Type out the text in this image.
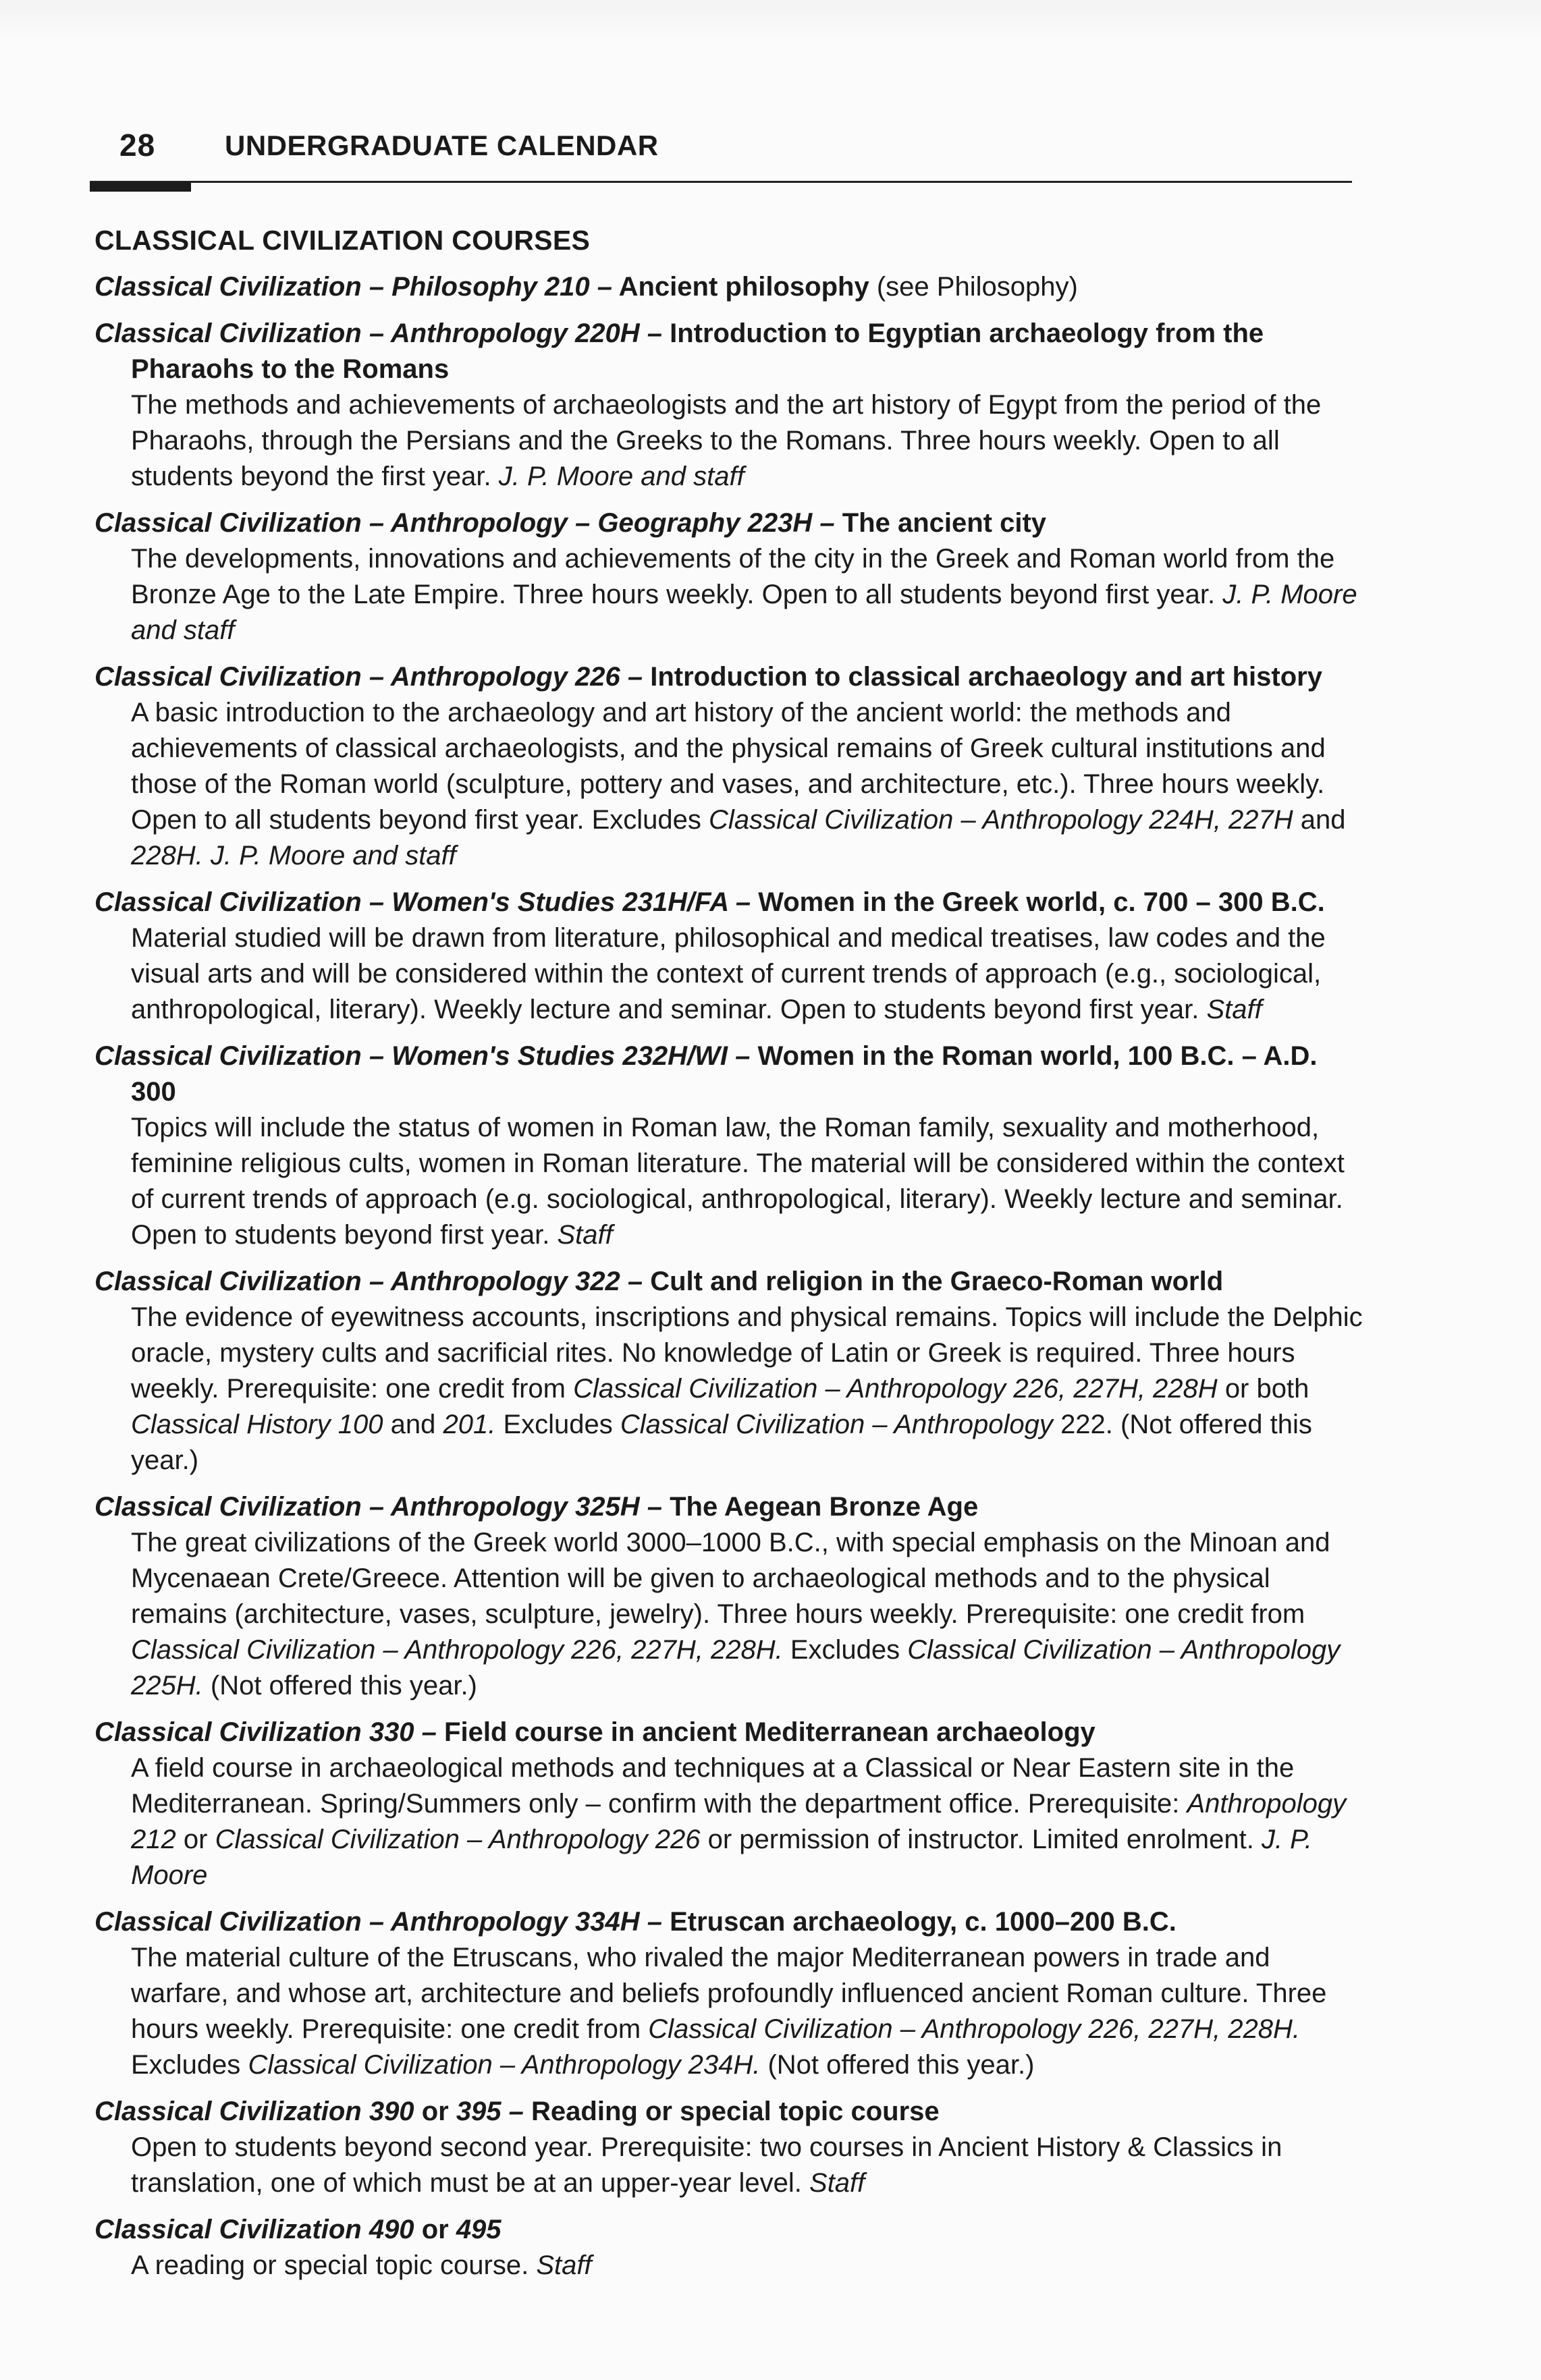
28 UNDERGRADUATE CALENDAR
CLASSICAL CIVILIZATION COURSES
Classical Civilization – Philosophy 210 – Ancient philosophy (see Philosophy)
Classical Civilization – Anthropology 220H – Introduction to Egyptian archaeology from the Pharaohs to the Romans
The methods and achievements of archaeologists and the art history of Egypt from the period of the Pharaohs, through the Persians and the Greeks to the Romans. Three hours weekly. Open to all students beyond the first year. J. P. Moore and staff
Classical Civilization – Anthropology – Geography 223H – The ancient city
The developments, innovations and achievements of the city in the Greek and Roman world from the Bronze Age to the Late Empire. Three hours weekly. Open to all students beyond first year. J. P. Moore and staff
Classical Civilization – Anthropology 226 – Introduction to classical archaeology and art history
A basic introduction to the archaeology and art history of the ancient world: the methods and achievements of classical archaeologists, and the physical remains of Greek cultural institutions and those of the Roman world (sculpture, pottery and vases, and architecture, etc.). Three hours weekly. Open to all students beyond first year. Excludes Classical Civilization – Anthropology 224H, 227H and 228H. J. P. Moore and staff
Classical Civilization – Women's Studies 231H/FA – Women in the Greek world, c. 700 – 300 B.C.
Material studied will be drawn from literature, philosophical and medical treatises, law codes and the visual arts and will be considered within the context of current trends of approach (e.g., sociological, anthropological, literary). Weekly lecture and seminar. Open to students beyond first year. Staff
Classical Civilization – Women's Studies 232H/WI – Women in the Roman world, 100 B.C. – A.D. 300
Topics will include the status of women in Roman law, the Roman family, sexuality and motherhood, feminine religious cults, women in Roman literature. The material will be considered within the context of current trends of approach (e.g. sociological, anthropological, literary). Weekly lecture and seminar. Open to students beyond first year. Staff
Classical Civilization – Anthropology 322 – Cult and religion in the Graeco-Roman world
The evidence of eyewitness accounts, inscriptions and physical remains. Topics will include the Delphic oracle, mystery cults and sacrificial rites. No knowledge of Latin or Greek is required. Three hours weekly. Prerequisite: one credit from Classical Civilization – Anthropology 226, 227H, 228H or both Classical History 100 and 201. Excludes Classical Civilization – Anthropology 222. (Not offered this year.)
Classical Civilization – Anthropology 325H – The Aegean Bronze Age
The great civilizations of the Greek world 3000–1000 B.C., with special emphasis on the Minoan and Mycenaean Crete/Greece. Attention will be given to archaeological methods and to the physical remains (architecture, vases, sculpture, jewelry). Three hours weekly. Prerequisite: one credit from Classical Civilization – Anthropology 226, 227H, 228H. Excludes Classical Civilization – Anthropology 225H. (Not offered this year.)
Classical Civilization 330 – Field course in ancient Mediterranean archaeology
A field course in archaeological methods and techniques at a Classical or Near Eastern site in the Mediterranean. Spring/Summers only – confirm with the department office. Prerequisite: Anthropology 212 or Classical Civilization – Anthropology 226 or permission of instructor. Limited enrolment. J. P. Moore
Classical Civilization – Anthropology 334H – Etruscan archaeology, c. 1000–200 B.C.
The material culture of the Etruscans, who rivaled the major Mediterranean powers in trade and warfare, and whose art, architecture and beliefs profoundly influenced ancient Roman culture. Three hours weekly. Prerequisite: one credit from Classical Civilization – Anthropology 226, 227H, 228H. Excludes Classical Civilization – Anthropology 234H. (Not offered this year.)
Classical Civilization 390 or 395 – Reading or special topic course
Open to students beyond second year. Prerequisite: two courses in Ancient History & Classics in translation, one of which must be at an upper-year level. Staff
Classical Civilization 490 or 495
A reading or special topic course. Staff
